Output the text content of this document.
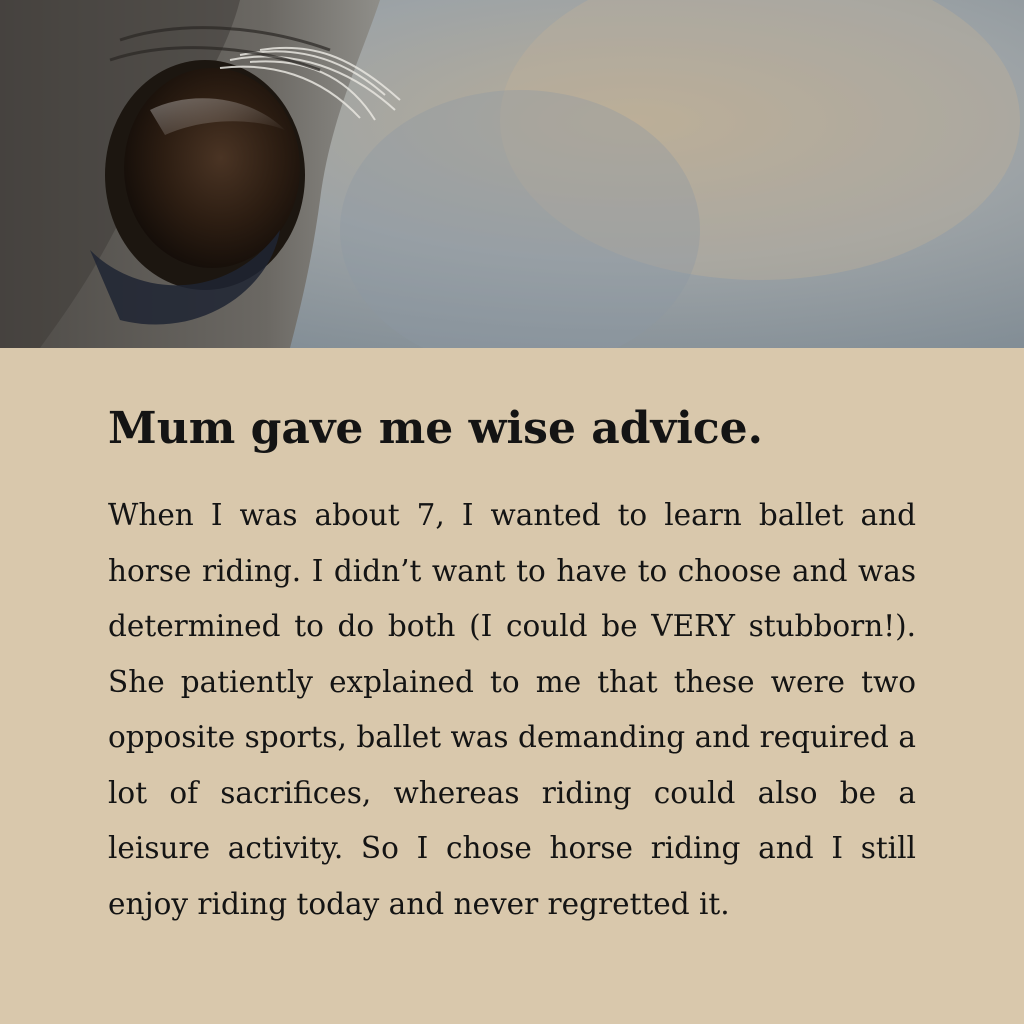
Mum gave me wise advice.

When I was about 7, I wanted to learn ballet and horse riding. I didn’t want to have to choose and was determined to do both (I could be VERY stubborn!). She patiently explained to me that these were two opposite sports, ballet was demanding and required a lot of sacrifices, whereas riding could also be a leisure activity. So I chose horse riding and I still enjoy riding today and never regretted it.
